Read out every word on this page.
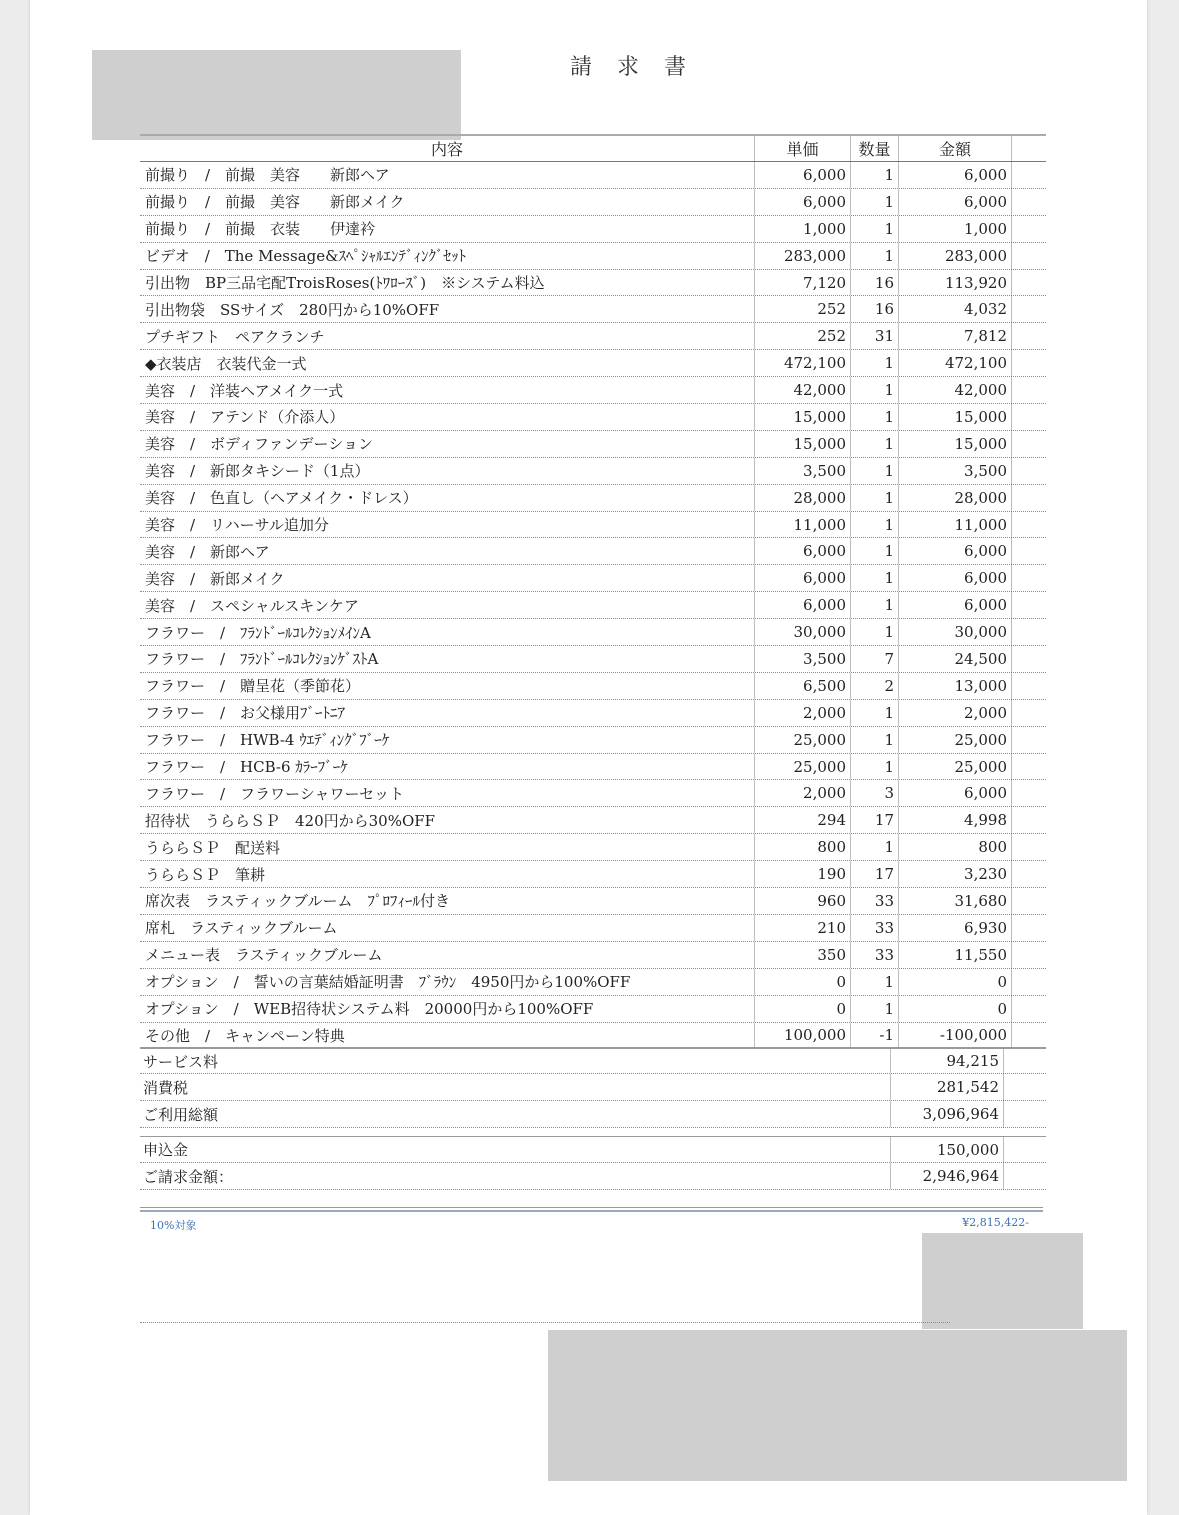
請 求 書
内容	単価	数量	金額
前撮り　/　前撮　美容　　新郎ヘア	6,000	1	6,000
前撮り　/　前撮　美容　　新郎メイク	6,000	1	6,000
前撮り　/　前撮　衣装　　伊達衿	1,000	1	1,000
ビデオ　/　The Message&ｽﾍﾟｼｬﾙｴﾝﾃﾞｨﾝｸﾞｾｯﾄ	283,000	1	283,000
引出物　BP三品宅配TroisRoses(ﾄﾜﾛｰｽﾞ)　※システム料込	7,120	16	113,920
引出物袋　SSサイズ　280円から10%OFF	252	16	4,032
プチギフト　ペアクランチ	252	31	7,812
◆衣装店　衣装代金一式	472,100	1	472,100
美容　/　洋装ヘアメイク一式	42,000	1	42,000
美容　/　アテンド（介添人）	15,000	1	15,000
美容　/　ボディファンデーション	15,000	1	15,000
美容　/　新郎タキシード（1点）	3,500	1	3,500
美容　/　色直し（ヘアメイク・ドレス）	28,000	1	28,000
美容　/　リハーサル追加分	11,000	1	11,000
美容　/　新郎ヘア	6,000	1	6,000
美容　/　新郎メイク	6,000	1	6,000
美容　/　スペシャルスキンケア	6,000	1	6,000
フラワー　/　ﾌﾗﾝﾄﾞｰﾙｺﾚｸｼｮﾝﾒｲﾝA	30,000	1	30,000
フラワー　/　ﾌﾗﾝﾄﾞｰﾙｺﾚｸｼｮﾝｹﾞｽﾄA	3,500	7	24,500
フラワー　/　贈呈花（季節花）	6,500	2	13,000
フラワー　/　お父様用ﾌﾞｰﾄﾆｱ	2,000	1	2,000
フラワー　/　HWB-4 ｳｴﾃﾞｨﾝｸﾞﾌﾞｰｹ	25,000	1	25,000
フラワー　/　HCB-6 ｶﾗｰﾌﾞｰｹ	25,000	1	25,000
フラワー　/　フラワーシャワーセット	2,000	3	6,000
招待状　うららＳＰ　420円から30%OFF	294	17	4,998
うららＳＰ　配送料	800	1	800
うららＳＰ　筆耕	190	17	3,230
席次表　ラスティックブルーム　ﾌﾟﾛﾌｨｰﾙ付き	960	33	31,680
席札　ラスティックブルーム	210	33	6,930
メニュー表　ラスティックブルーム	350	33	11,550
オプション　/　誓いの言葉結婚証明書　ﾌﾞﾗｳﾝ　4950円から100%OFF	0	1	0
オプション　/　WEB招待状システム料　20000円から100%OFF	0	1	0
その他　/　キャンペーン特典	100,000	-1	-100,000
サービス料	94,215
消費税	281,542
ご利用総額	3,096,964
申込金	150,000
ご請求金額：	2,946,964
10%対象	¥2,815,422-
